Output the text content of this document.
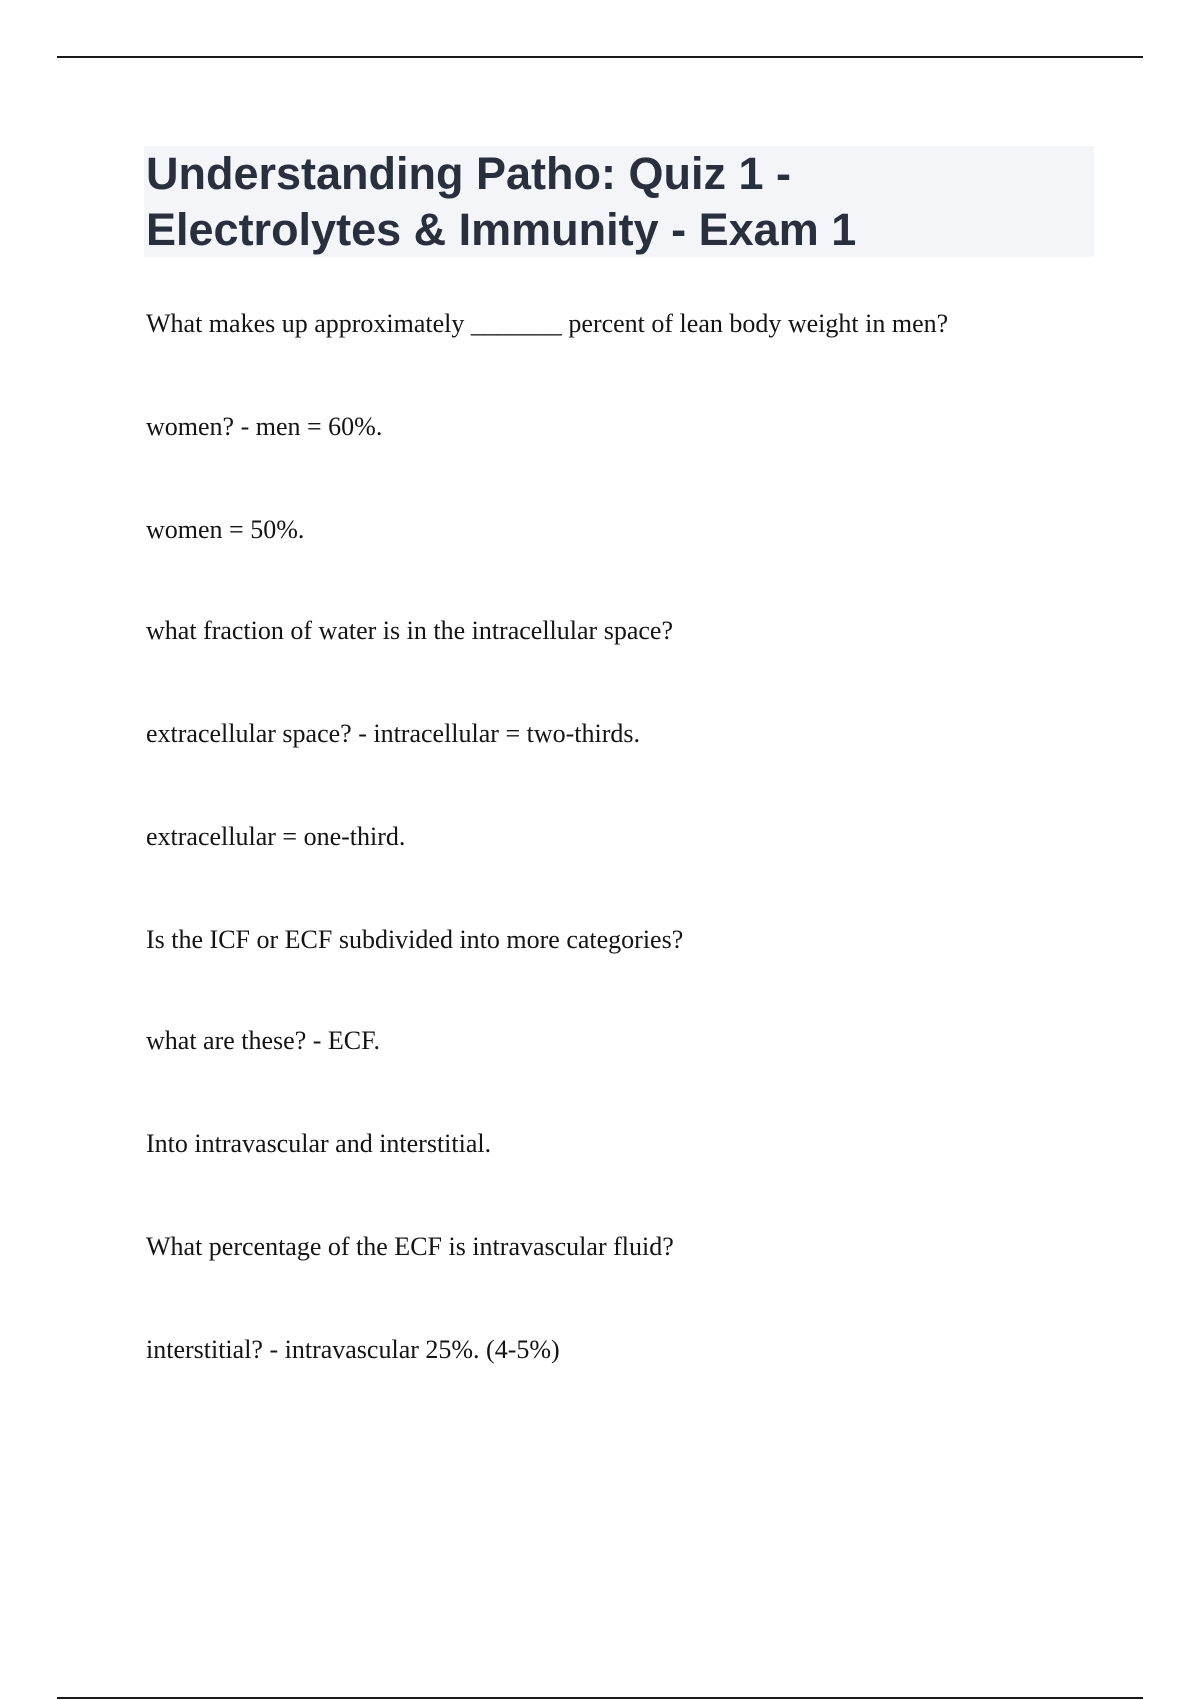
Understanding Patho: Quiz 1 -
Electrolytes & Immunity - Exam 1

What makes up approximately _______ percent of lean body weight in men?

women? - men = 60%.

women = 50%.

what fraction of water is in the intracellular space?

extracellular space? - intracellular = two-thirds.

extracellular = one-third.

Is the ICF or ECF subdivided into more categories?

what are these? - ECF.

Into intravascular and interstitial.

What percentage of the ECF is intravascular fluid?

interstitial? - intravascular 25%. (4-5%)
